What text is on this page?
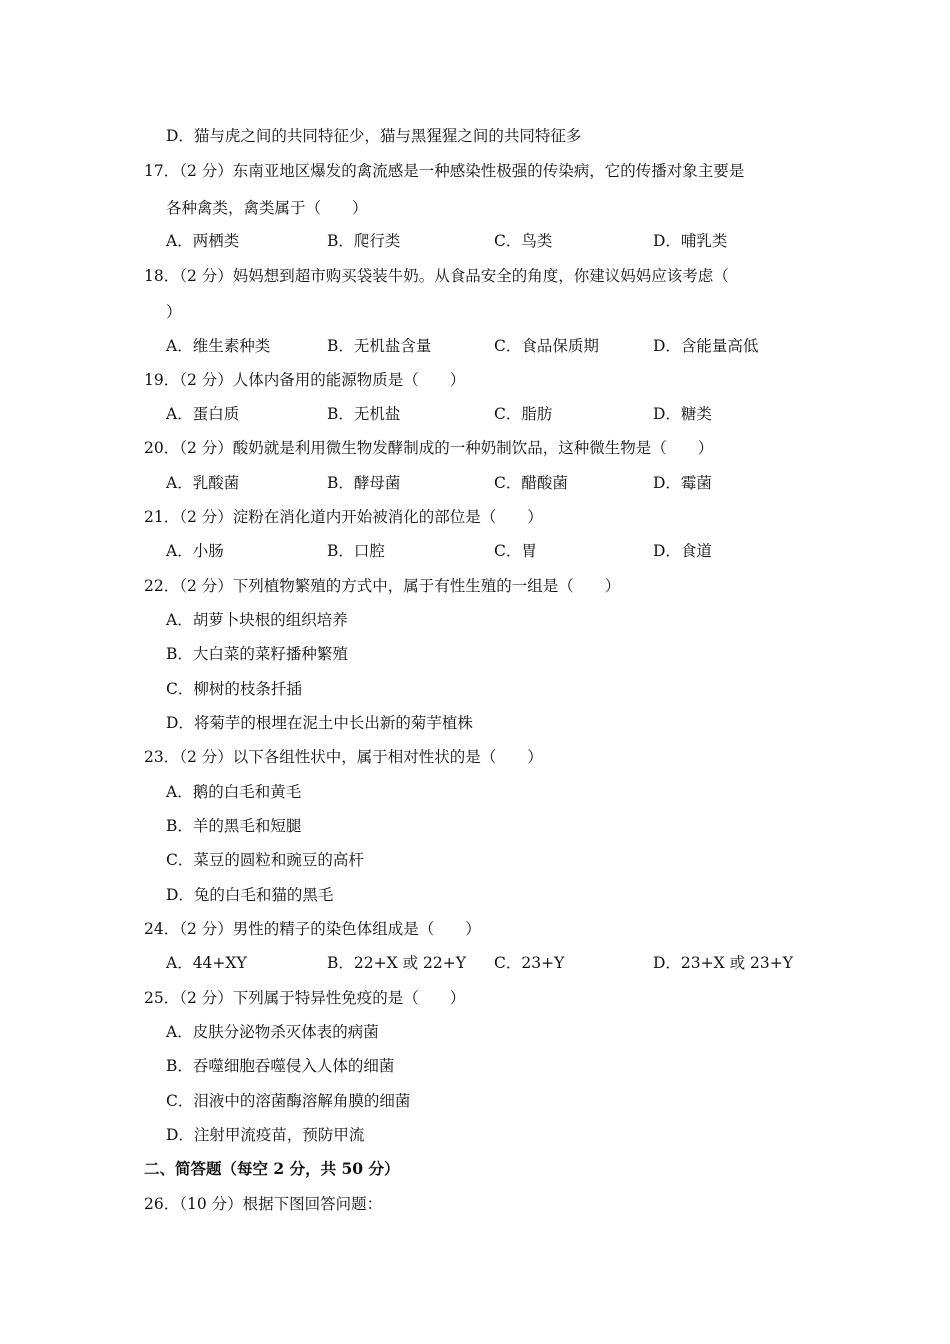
D．猫与虎之间的共同特征少，猫与黑猩猩之间的共同特征多
17．（2 分）东南亚地区爆发的禽流感是一种感染性极强的传染病，它的传播对象主要是
各种禽类，禽类属于（　　）
A．两栖类	B．爬行类	C．鸟类	D．哺乳类
18．（2 分）妈妈想到超市购买袋装牛奶。从食品安全的角度，你建议妈妈应该考虑（
）
A．维生素种类	B．无机盐含量	C．食品保质期	D．含能量高低
19．（2 分）人体内备用的能源物质是（　　）
A．蛋白质	B．无机盐	C．脂肪	D．糖类
20．（2 分）酸奶就是利用微生物发酵制成的一种奶制饮品，这种微生物是（　　）
A．乳酸菌	B．酵母菌	C．醋酸菌	D．霉菌
21．（2 分）淀粉在消化道内开始被消化的部位是（　　）
A．小肠	B．口腔	C．胃	D．食道
22．（2 分）下列植物繁殖的方式中，属于有性生殖的一组是（　　）
A．胡萝卜块根的组织培养
B．大白菜的菜籽播种繁殖
C．柳树的枝条扦插
D．将菊芋的根埋在泥土中长出新的菊芋植株
23．（2 分）以下各组性状中，属于相对性状的是（　　）
A．鹅的白毛和黄毛
B．羊的黑毛和短腿
C．菜豆的圆粒和豌豆的高杆
D．兔的白毛和猫的黑毛
24．（2 分）男性的精子的染色体组成是（　　）
A．44+XY	B．22+X 或 22+Y C．23+Y	D．23+X 或 23+Y
25．（2 分）下列属于特异性免疫的是（　　）
A．皮肤分泌物杀灭体表的病菌
B．吞噬细胞吞噬侵入人体的细菌
C．泪液中的溶菌酶溶解角膜的细菌
D．注射甲流疫苗，预防甲流
二、简答题（每空 2 分，共 50 分）
26．（10 分）根据下图回答问题：
